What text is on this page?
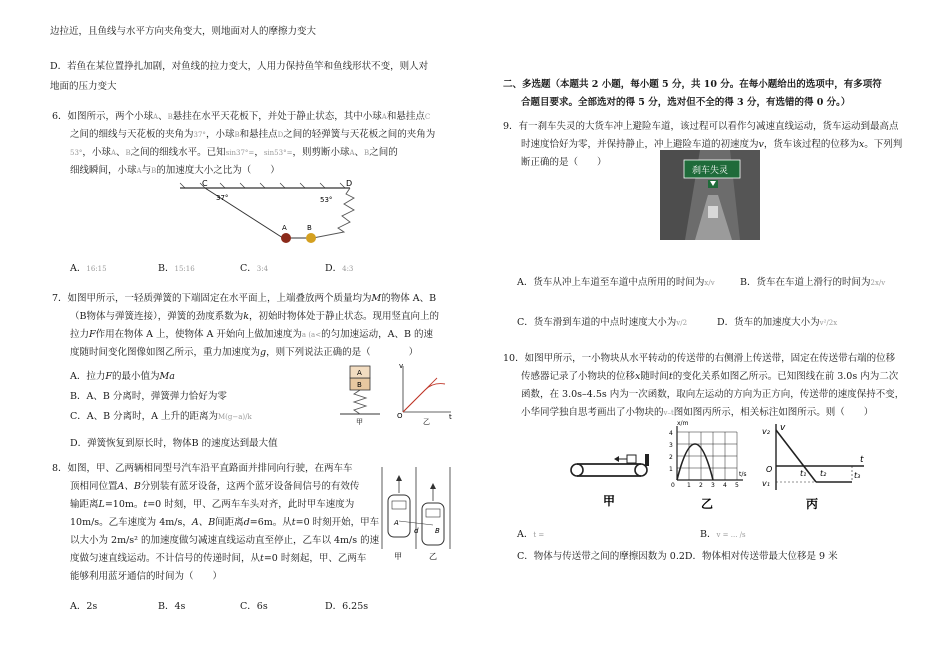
边拉近，且鱼线与水平方向夹角变大，则地面对人的摩擦力变大
D．若鱼在某位置挣扎加剧，对鱼线的拉力变大，人用力保持鱼竿和鱼线形状不变，则人对
地面的压力变大
6．如图所示，两个小球A、B悬挂在水平天花板下，并处于静止状态，其中小球A和悬挂点C
之间的细线与天花板的夹角为37°，小球B和悬挂点D之间的轻弹簧与天花板之间的夹角为
53°，小球A、B之间的细线水平。已知sin37°=，sin53°=，则剪断小球A、B之间的
细线瞬间，小球A与B的加速度大小之比为（　　）
C	D
37°	53°
A	B
A．16:15	B．15:16	C．3:4	D．4:3
7．如图甲所示，一轻质弹簧的下端固定在水平面上，上端叠放两个质量均为M的物体 A、B
（B物体与弹簧连接），弹簧的劲度系数为k，初始时物体处于静止状态。现用竖直向上的
拉力F作用在物体 A 上，使物体 A 开始向上做加速度为a (a<的匀加速运动，A、B 的速
度随时间变化图像如图乙所示，重力加速度为g，则下列说法正确的是（　　　　）
A．拉力F的最小值为Ma
B．A、B 分离时，弹簧弹力恰好为零
C．A、B 分离时，A 上升的距离为M(g−a)/k
D．弹簧恢复到原长时，物体B 的速度达到最大值
A
B
甲
v
O	t
乙
8．如图，甲、乙两辆相同型号汽车沿平直路面并排同向行驶，在两车车
顶相同位置A、B分别装有蓝牙设备，这两个蓝牙设备间信号的有效传
输距离L=10m。t=0 时刻，甲、乙两车车头对齐，此时甲车速度为
10m/s。乙车速度为 4m/s，A、B间距离d=6m。从t=0 时刻开始，甲车
以大小为 2m/s² 的加速度做匀减速直线运动直至停止，乙车以 4m/s 的速
度做匀速直线运动。不计信号的传递时间，从t=0 时刻起，甲、乙两车
能够利用蓝牙通信的时间为（　　）
A
B
d
甲	乙
A．2s	B．4s	C．6s	D．6.25s
二、多选题（本题共 2 小题，每小题 5 分，共 10 分。在每小题给出的选项中，有多项符
合题目要求。全部选对的得 5 分，选对但不全的得 3 分，有选错的得 0 分。）
9．有一刹车失灵的大货车冲上避险车道，该过程可以看作匀减速直线运动，货车运动到最高点
时速度恰好为零，并保持静止，冲上避险车道的初速度为v，货车该过程的位移为x。下列判
断正确的是（　　）
刹车失灵
A．货车从冲上车道至车道中点所用的时间为x/v	B．货车在车道上滑行的时间为2x/v
C．货车滑到车道的中点时速度大小为v/2	D．货车的加速度大小为v²/2x
10．如图甲所示，一小物块从水平转动的传送带的右侧滑上传送带，固定在传送带右端的位移
传感器记录了小物块的位移x随时间t的变化关系如图乙所示。已知图线在前 3.0s 内为二次
函数，在 3.0s–4.5s 内为一次函数，取向左运动的方向为正方向，传送带的速度保持不变，
小华同学独自思考画出了小物块的v–t图如图丙所示，相关标注如图所示。则（　　）
甲
x/m
t/s
4
3
2
1
0 1 2 3 4 5
乙
v
v₂
v₁
O
t
t₁ t₂	t₃
丙
A．t =	B．v = ... /s
C．物体与传送带之间的摩擦因数为 0.2D．物体相对传送带最大位移是 9 米
